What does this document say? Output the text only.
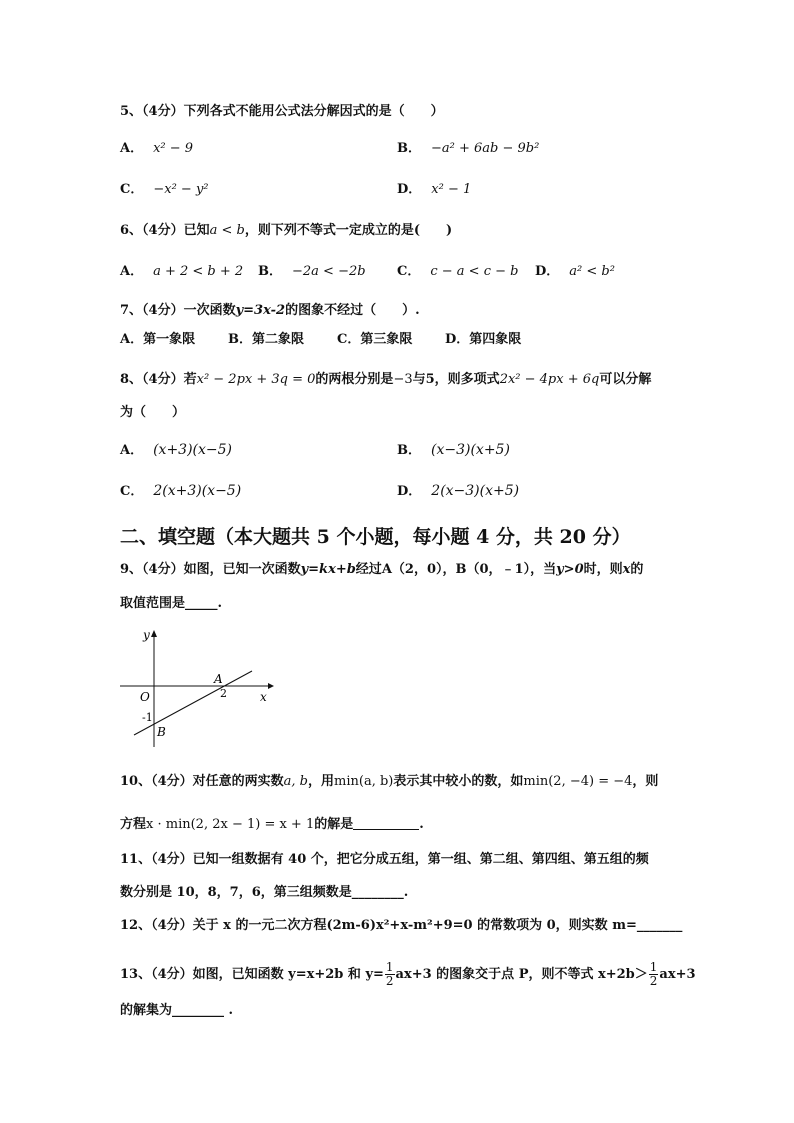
5、（4分）下列各式不能用公式法分解因式的是（　　）
A． x² − 9	B． −a² + 6ab − 9b²
C． −x² − y²	D． x² − 1
6、（4分）已知a < b，则下列不等式一定成立的是(　　)
A． a + 2 < b + 2 B． −2a < −2b C． c − a < c − b D． a² < b²
7、（4分）一次函数y=3x-2的图象不经过（　　）.
A．第一象限	B．第二象限	C．第三象限	D．第四象限
8、（4分）若x² − 2px + 3q = 0的两根分别是−3与5，则多项式2x² − 4px + 6q可以分解
为（　　）
A． (x+3)(x−5)	B． (x−3)(x+5)
C． 2(x+3)(x−5)	D． 2(x−3)(x+5)
二、填空题（本大题共 5 个小题，每小题 4 分，共 20 分）
9、（4分）如图，已知一次函数y=kx+b经过A（2，0），B（0，﹣1），当y>0时，则x的
取值范围是_____.
y
x
O
A
2
-1
B
10、（4分）对任意的两实数a, b，用min(a, b)表示其中较小的数，如min(2, −4) = −4，则
方程x · min(2, 2x − 1) = x + 1的解是	.
11、（4分）已知一组数据有 40 个，把它分成五组，第一组、第二组、第四组、第五组的频
数分别是 10，8，7，6，第三组频数是________.
12、（4分）关于 x 的一元二次方程(2m-6)x²+x-m²+9=0 的常数项为 0，则实数 m=_______
13、（4分）如图，已知函数 y=x+2b 和 $y= \frac{1}{2} ax+3$ 的图象交于点 P，则不等式 $x+2b> \frac{1}{2} ax+3$
的解集为________ .
